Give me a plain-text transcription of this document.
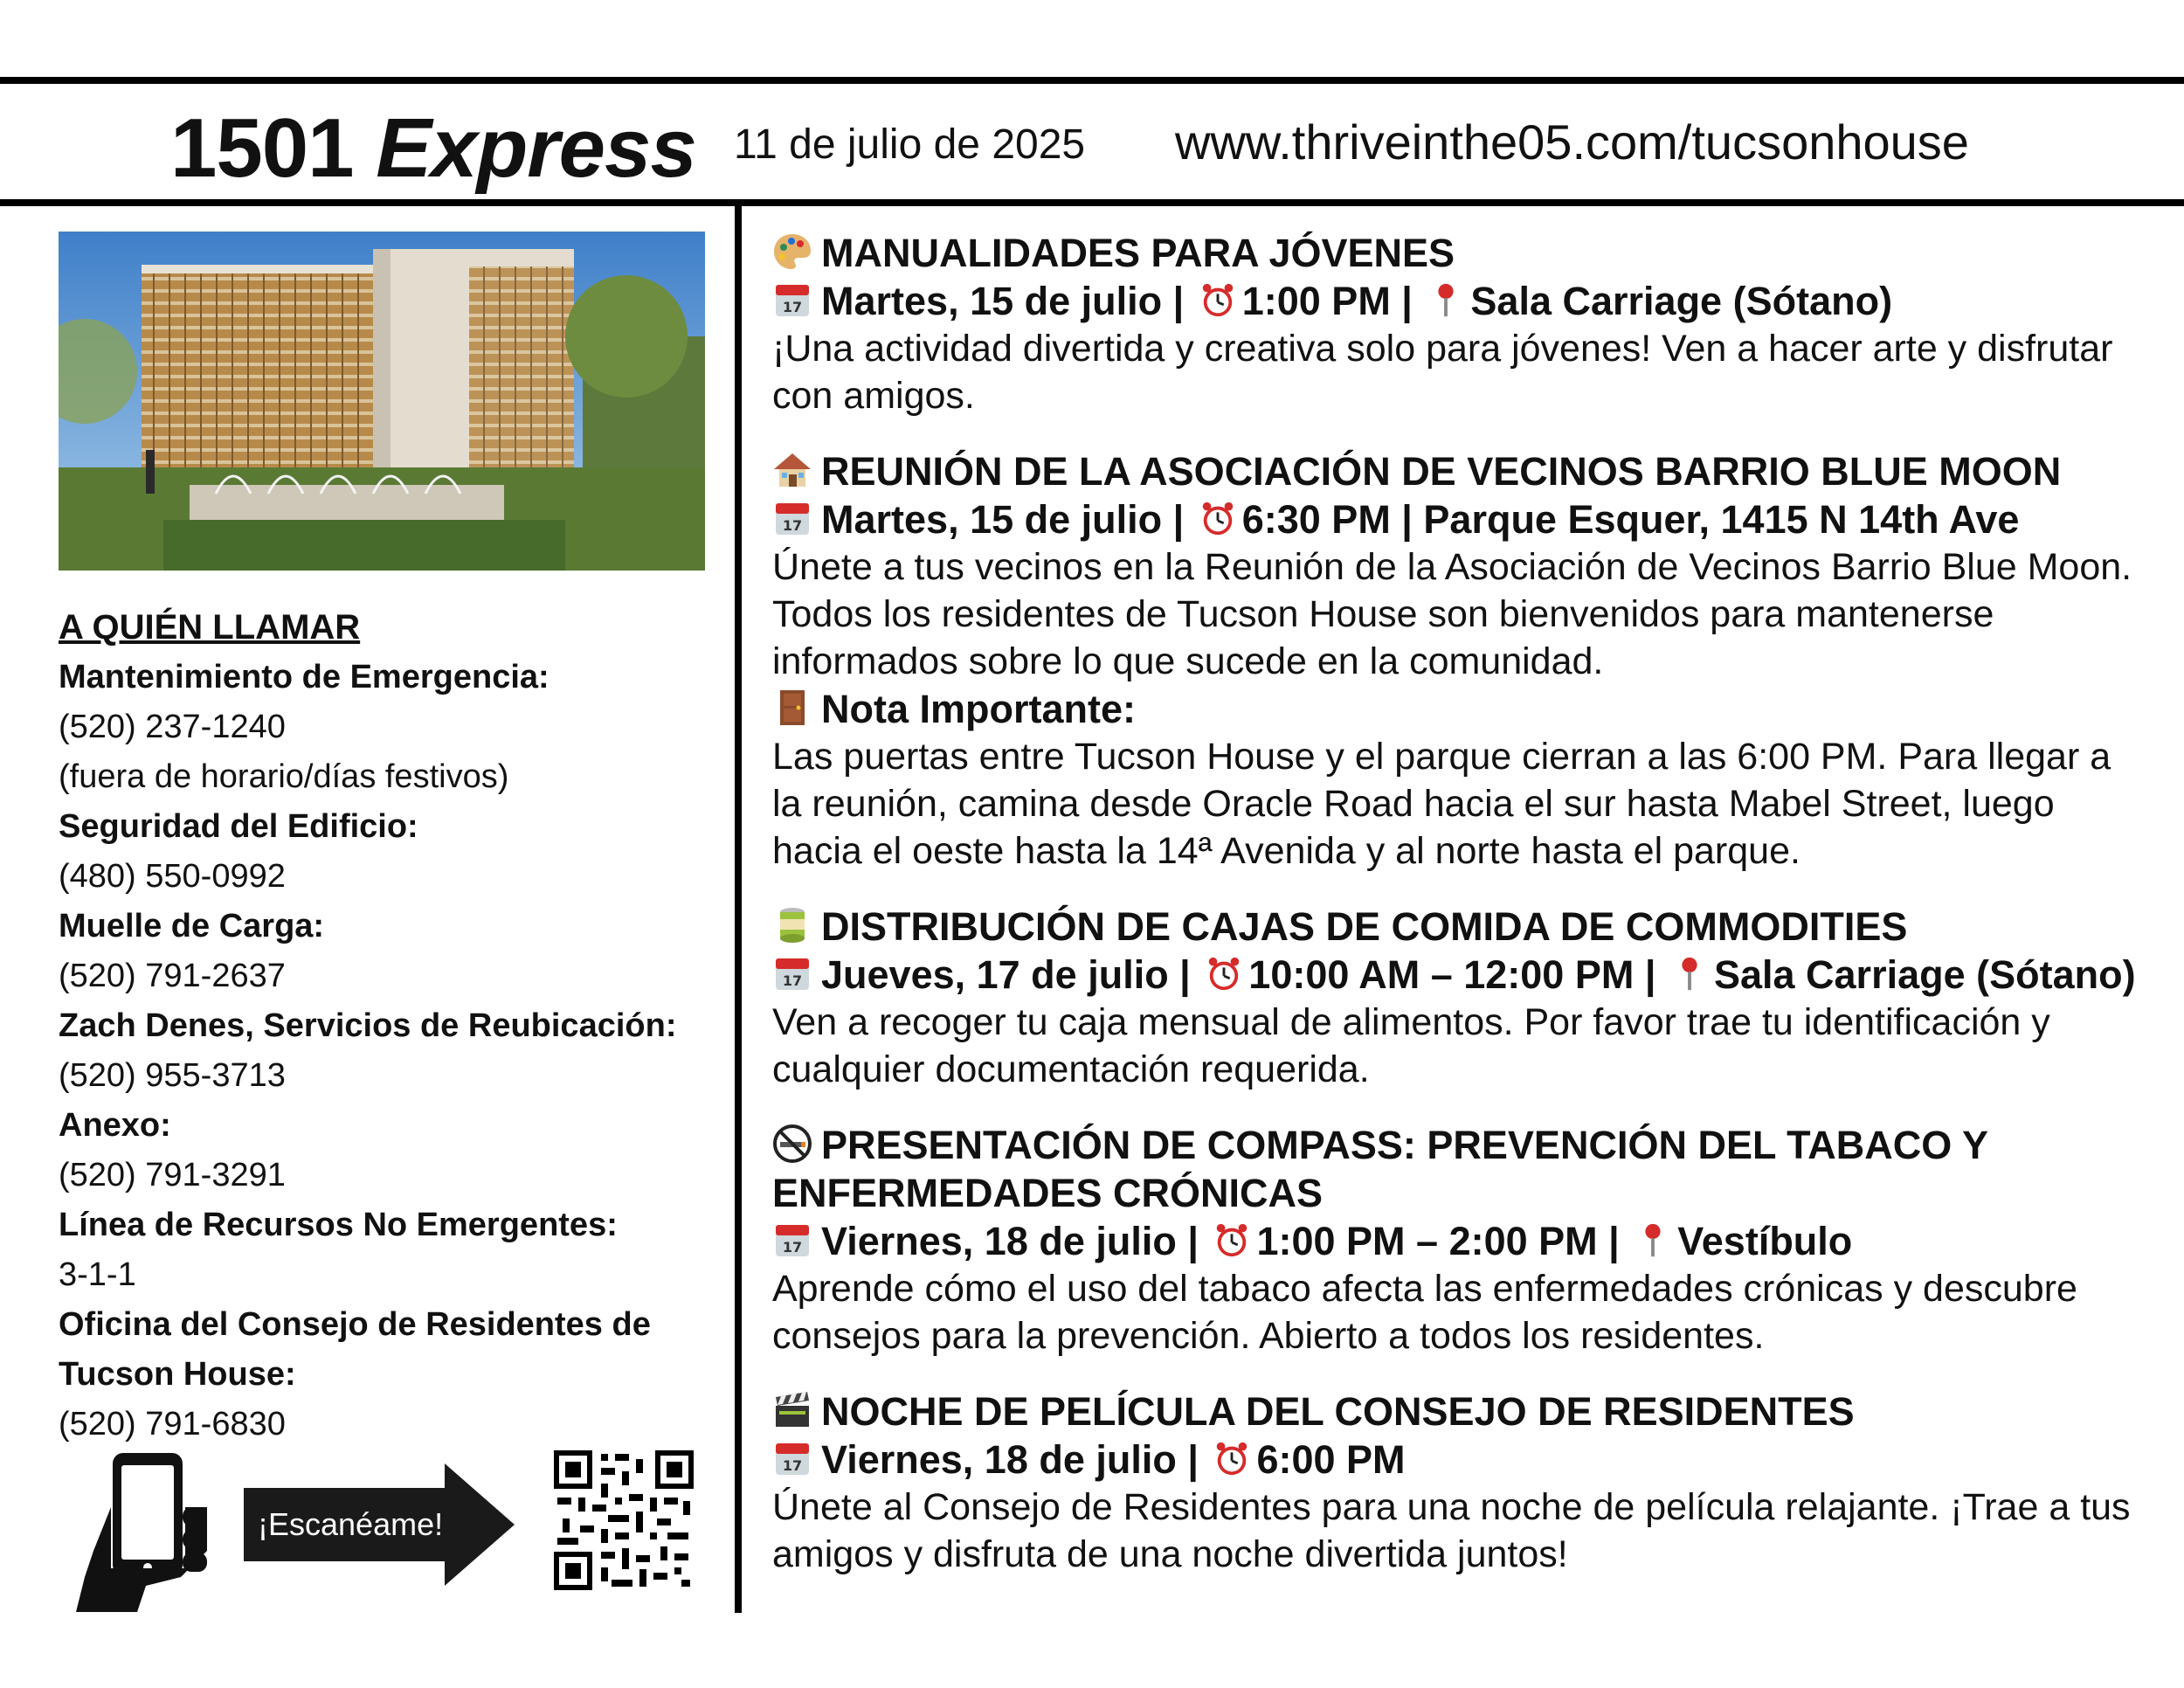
1501 Express 11 de julio de 2025 www.thriveinthe05.com/tucsonhouse
A QUIÉN LLAMAR
Mantenimiento de Emergencia:
(520) 237-1240
(fuera de horario/días festivos)
Seguridad del Edificio:
(480) 550-0992
Muelle de Carga:
(520) 791-2637
Zach Denes, Servicios de Reubicación:
(520) 955-3713
Anexo:
(520) 791-3291
Línea de Recursos No Emergentes:
3-1-1
Oficina del Consejo de Residentes de Tucson House:
(520) 791-6830
¡Escanéame!
MANUALIDADES PARA JÓVENES
17 Martes, 15 de julio | 1:00 PM | Sala Carriage (Sótano)
¡Una actividad divertida y creativa solo para jóvenes! Ven a hacer arte y disfrutar con amigos.
REUNIÓN DE LA ASOCIACIÓN DE VECINOS BARRIO BLUE MOON
17 Martes, 15 de julio | 6:30 PM | Parque Esquer, 1415 N 14th Ave
Únete a tus vecinos en la Reunión de la Asociación de Vecinos Barrio Blue Moon. Todos los residentes de Tucson House son bienvenidos para mantenerse informados sobre lo que sucede en la comunidad.
Nota Importante:
Las puertas entre Tucson House y el parque cierran a las 6:00 PM. Para llegar a la reunión, camina desde Oracle Road hacia el sur hasta Mabel Street, luego hacia el oeste hasta la 14ª Avenida y al norte hasta el parque.
DISTRIBUCIÓN DE CAJAS DE COMIDA DE COMMODITIES
17 Jueves, 17 de julio | 10:00 AM – 12:00 PM | Sala Carriage (Sótano)
Ven a recoger tu caja mensual de alimentos. Por favor trae tu identificación y cualquier documentación requerida.
PRESENTACIÓN DE COMPASS: PREVENCIÓN DEL TABACO Y ENFERMEDADES CRÓNICAS
17 Viernes, 18 de julio | 1:00 PM – 2:00 PM | Vestíbulo
Aprende cómo el uso del tabaco afecta las enfermedades crónicas y descubre consejos para la prevención. Abierto a todos los residentes.
NOCHE DE PELÍCULA DEL CONSEJO DE RESIDENTES
17 Viernes, 18 de julio | 6:00 PM
Únete al Consejo de Residentes para una noche de película relajante. ¡Trae a tus amigos y disfruta de una noche divertida juntos!
